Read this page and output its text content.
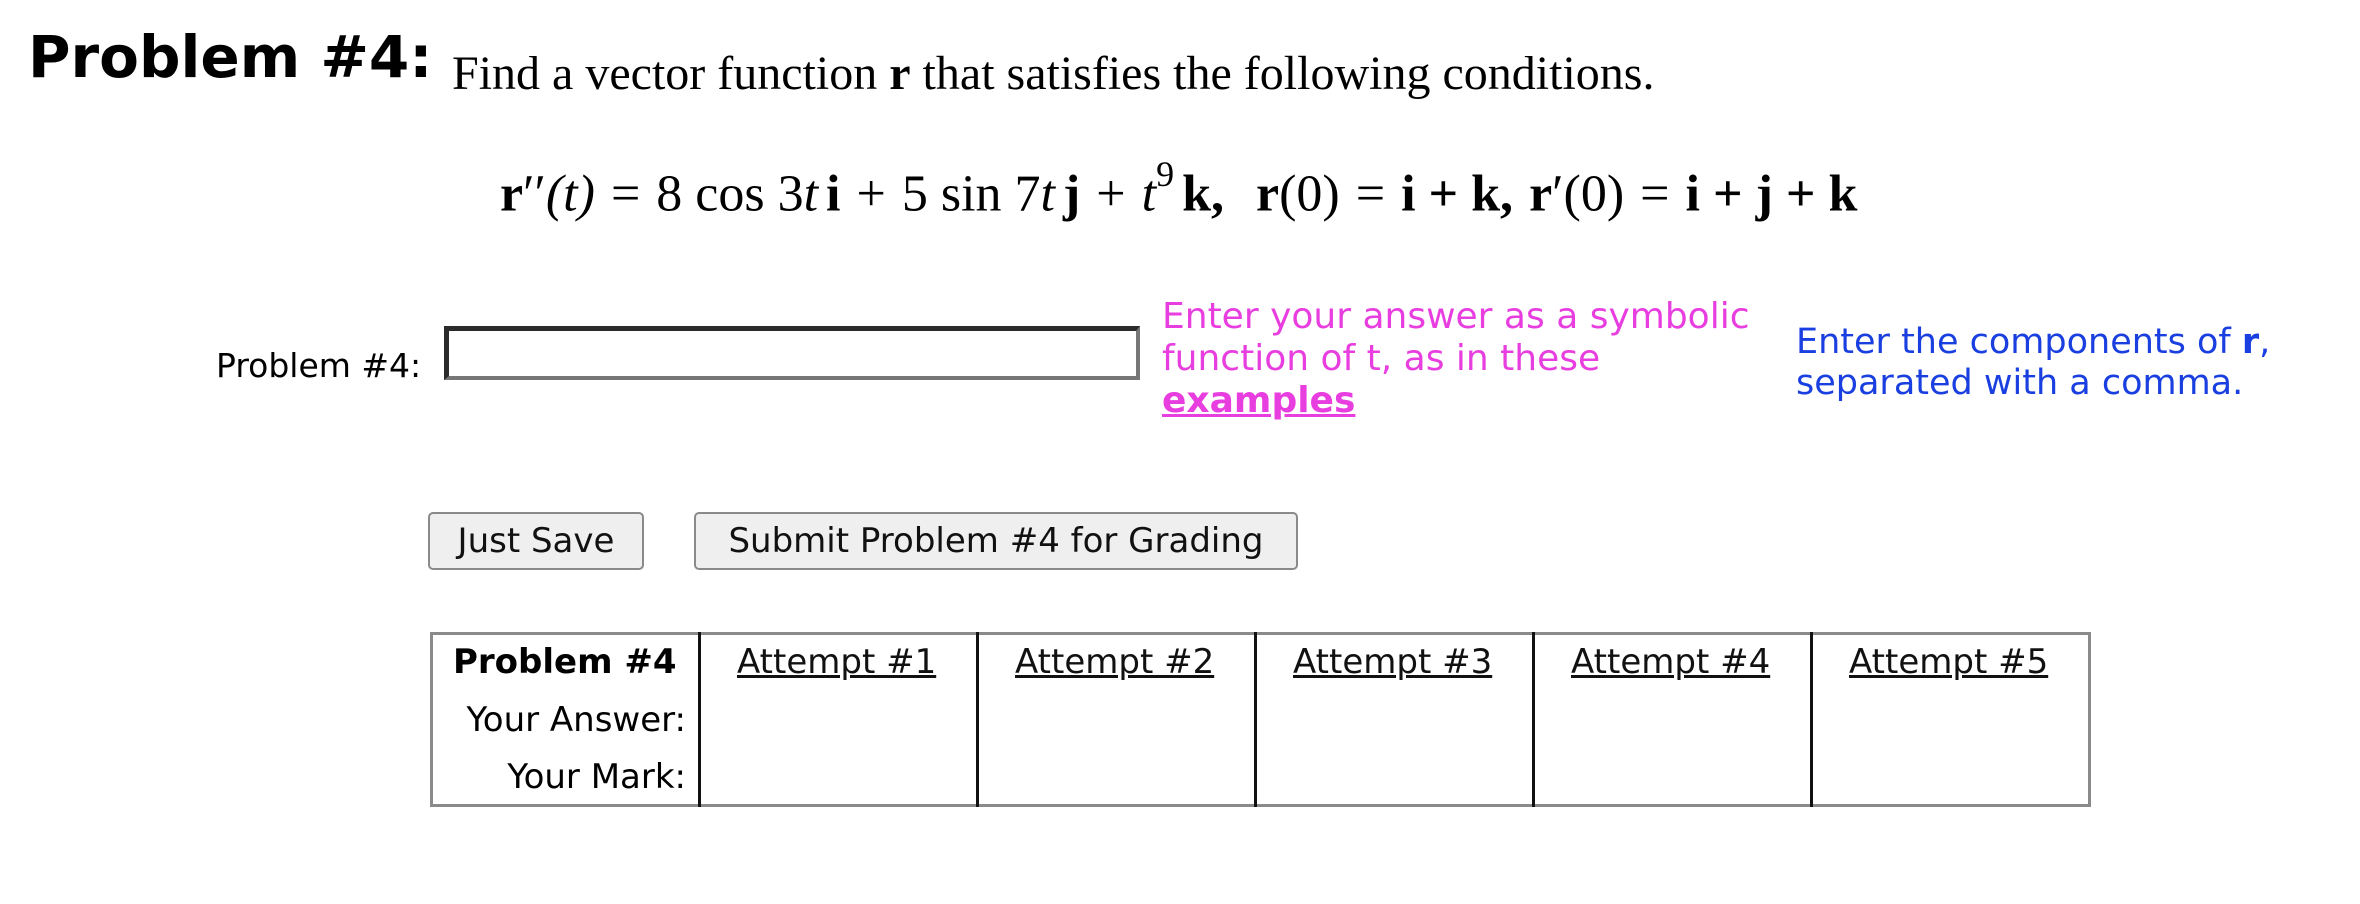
Problem #4: Find a vector function r that satisfies the following conditions.
r′′(t) = 8 cos 3t i + 5 sin 7t $j + t^9$ k, r(0) = i + k, r′(0) = i + j + k
Problem #4:
Enter your answer as a symbolic function of t, as in these
examples
Enter the components of r, separated with a comma.
Just Save	Submit Problem #4 for Grading
Problem #4	Attempt #1	Attempt #2	Attempt #3	Attempt #4	Attempt #5
Your Answer:					
Your Mark:					
